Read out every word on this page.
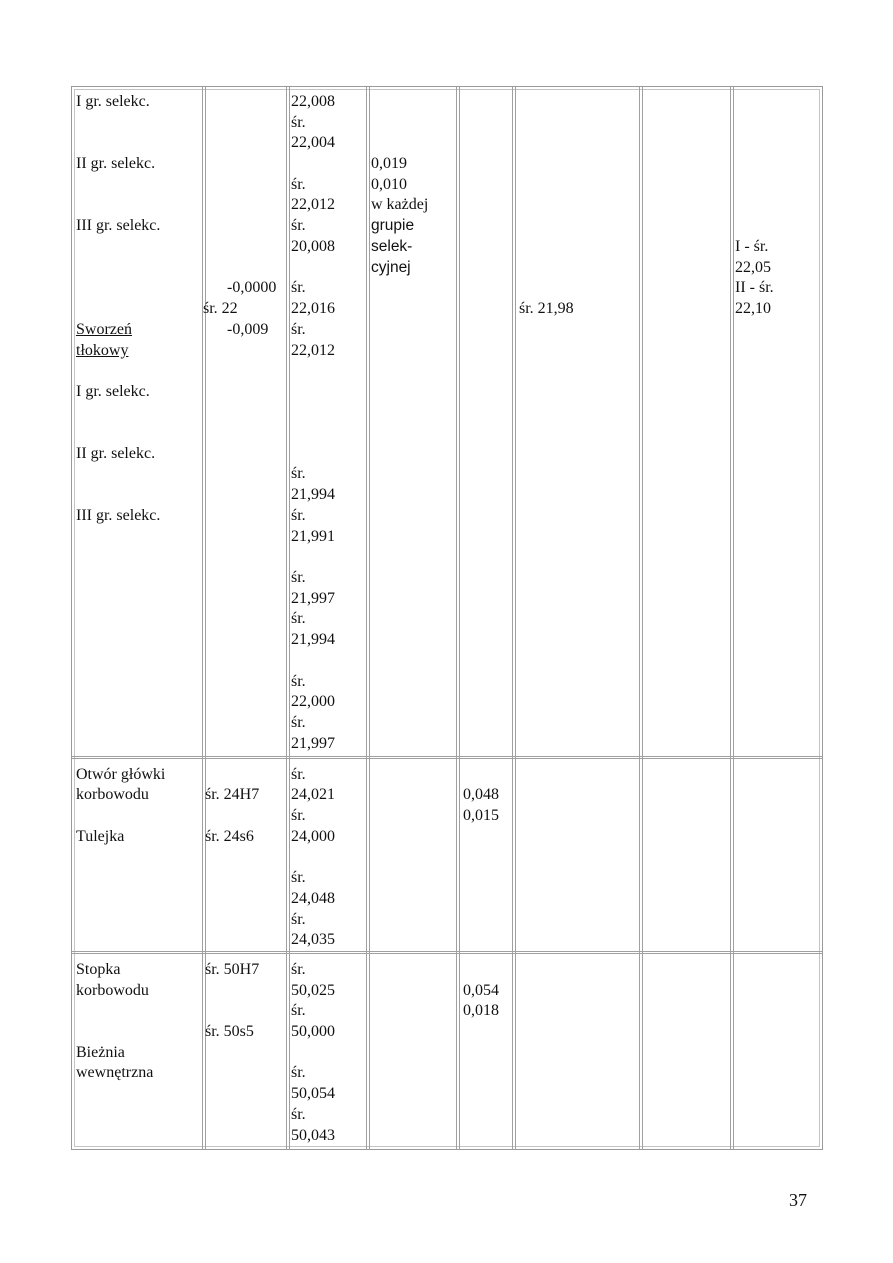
I gr. selekc.
II gr. selekc.
III gr. selekc.
Sworzeń
tłokowy
I gr. selekc.
II gr. selekc.
III gr. selekc.
-0,0000
śr. 22
-0,009
22,008
śr.
22,004
śr.
22,012
śr.
20,008
śr.
22,016
śr.
22,012
śr.
21,994
śr.
21,991
śr.
21,997
śr.
21,994
śr.
22,000
śr.
21,997
0,019
0,010
w każdej
grupie
selek-
cyjnej
śr. 21,98
I - śr.
22,05
II - śr.
22,10
Otwór główki
korbowodu
Tulejka
śr. 24H7
śr. 24s6
śr.
24,021
śr.
24,000
śr.
24,048
śr.
24,035
0,048
0,015
Stopka
korbowodu
Bieżnia
wewnętrzna
śr. 50H7
śr. 50s5
śr.
50,025
śr.
50,000
śr.
50,054
śr.
50,043
0,054
0,018
37
